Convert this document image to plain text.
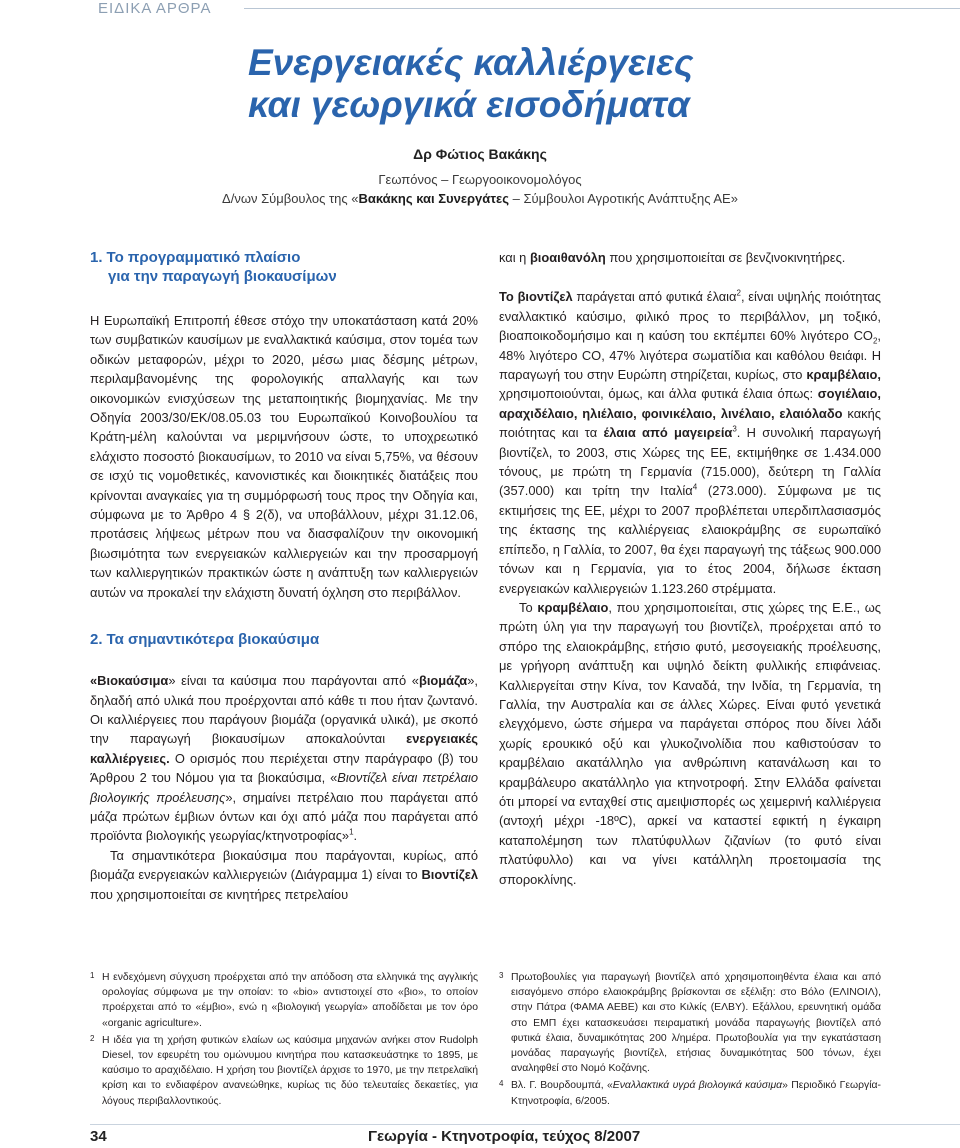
ΕΙΔΙΚΑ ΑΡΘΡΑ
Ενεργειακές καλλιέργειες
και γεωργικά εισοδήματα
Δρ Φώτιος Βακάκης
Γεωπόνος – Γεωργοοικονομολόγος
Δ/νων Σύμβουλος της «Βακάκης και Συνεργάτες – Σύμβουλοι Αγροτικής Ανάπτυξης ΑΕ»
1. Το προγραμματικό πλαίσιο
για την παραγωγή βιοκαυσίμων

Η Ευρωπαϊκή Επιτροπή έθεσε στόχο την υποκατάσταση κατά 20% των συμβατικών καυσίμων με εναλλακτικά καύσιμα, στον τομέα των οδικών μεταφορών, μέχρι το 2020, μέσω μιας δέσμης μέτρων, περιλαμβανομένης της φορολογικής απαλλαγής και των οικονομικών ενισχύσεων της μεταποιητικής βιομηχανίας. Με την Οδηγία 2003/30/ΕΚ/08.05.03 του Ευρωπαϊκού Κοινοβουλίου τα Κράτη-μέλη καλούνται να μεριμνήσουν ώστε, το υποχρεωτικό ελάχιστο ποσοστό βιοκαυσίμων, το 2010 να είναι 5,75%, να θέσουν σε ισχύ τις νομοθετικές, κανονιστικές και διοικητικές διατάξεις που κρίνονται αναγκαίες για τη συμμόρφωσή τους προς την Οδηγία και, σύμφωνα με το Άρθρο 4 § 2(δ), να υποβάλλουν, μέχρι 31.12.06, προτάσεις λήψεως μέτρων που να διασφαλίζουν την οικονομική βιωσιμότητα των ενεργειακών καλλιεργειών και την προσαρμογή των καλλιεργητικών πρακτικών ώστε η ανάπτυξη των καλλιεργειών αυτών να προκαλεί την ελάχιστη δυνατή όχληση στο περιβάλλον.

2. Τα σημαντικότερα βιοκαύσιμα

«Βιοκαύσιμα» είναι τα καύσιμα που παράγονται από «βιομάζα», δηλαδή από υλικά που προέρχονται από κάθε τι που ήταν ζωντανό. Οι καλλιέργειες που παράγουν βιομάζα (οργανικά υλικά), με σκοπό την παραγωγή βιοκαυσίμων αποκαλούνται ενεργειακές καλλιέργειες. Ο ορισμός που περιέχεται στην παράγραφο (β) του Άρθρου 2 του Νόμου για τα βιοκαύσιμα, «Βιοντίζελ είναι πετρέλαιο βιολογικής προέλευσης», σημαίνει πετρέλαιο που παράγεται από μάζα πρώτων έμβιων όντων και όχι από μάζα που παράγεται από προϊόντα βιολογικής γεωργίας/κτηνοτροφίας»$^1$.

Τα σημαντικότερα βιοκαύσιμα που παράγονται, κυρίως, από βιομάζα ενεργειακών καλλιεργειών (Διάγραμμα 1) είναι το Βιοντίζελ που χρησιμοποιείται σε κινητήρες πετρελαίου

και η βιοαιθανόλη που χρησιμοποιείται σε βενζινοκινητήρες.

Το βιοντίζελ παράγεται από φυτικά έλαια$^2$, είναι υψηλής ποιότητας εναλλακτικό καύσιμο, φιλικό προς το περιβάλλον, μη τοξικό, βιοαποικοδομήσιμο και η καύση του εκπέμπει 60% λιγότερο $CO_2$, 48% λιγότερο CO, 47% λιγότερα σωματίδια και καθόλου θειάφι. Η παραγωγή του στην Ευρώπη στηρίζεται, κυρίως, στο κραμβέλαιο, χρησιμοποιούνται, όμως, και άλλα φυτικά έλαια όπως: σογιέλαιο, αραχιδέλαιο, ηλιέλαιο, φοινικέλαιο, λινέλαιο, ελαιόλαδο κακής ποιότητας και τα έλαια από μαγειρεία$^3$. Η συνολική παραγωγή βιοντίζελ, το 2003, στις Χώρες της ΕΕ, εκτιμήθηκε σε 1.434.000 τόνους, με πρώτη τη Γερμανία (715.000), δεύτερη τη Γαλλία (357.000) και τρίτη την Ιταλία$^4$ (273.000). Σύμφωνα με τις εκτιμήσεις της ΕΕ, μέχρι το 2007 προβλέπεται υπερδιπλασιασμός της έκτασης της καλλιέργειας ελαιοκράμβης σε ευρωπαϊκό επίπεδο, η Γαλλία, το 2007, θα έχει παραγωγή της τάξεως 900.000 τόνων και η Γερμανία, για το έτος 2004, δήλωσε έκταση ενεργειακών καλλιεργειών 1.123.260 στρέμματα.

Το κραμβέλαιο, που χρησιμοποιείται, στις χώρες της Ε.Ε., ως πρώτη ύλη για την παραγωγή του βιοντίζελ, προέρχεται από το σπόρο της ελαιοκράμβης, ετήσιο φυτό, μεσογειακής προέλευσης, με γρήγορη ανάπτυξη και υψηλό δείκτη φυλλικής επιφάνειας. Καλλιεργείται στην Κίνα, τον Καναδά, την Ινδία, τη Γερμανία, τη Γαλλία, την Αυστραλία και σε άλλες Χώρες. Είναι φυτό γενετικά ελεγχόμενο, ώστε σήμερα να παράγεται σπόρος που δίνει λάδι χωρίς ερουκικό οξύ και γλυκοζινολίδια που καθιστούσαν το κραμβέλαιο ακατάλληλο για ανθρώπινη κατανάλωση και το κραμβάλευρο ακατάλληλο για κτηνοτροφή. Στην Ελλάδα φαίνεται ότι μπορεί να ενταχθεί στις αμειψισπορές ως χειμερινή καλλιέργεια (αντοχή μέχρι -18ºC), αρκεί να καταστεί εφικτή η έγκαιρη καταπολέμηση των πλατύφυλλων ζιζανίων (το φυτό είναι πλατύφυλλο) και να γίνει κατάλληλη προετοιμασία της σποροκλίνης.

1 Η ενδεχόμενη σύγχυση προέρχεται από την απόδοση στα ελληνικά της αγγλικής ορολογίας σύμφωνα με την οποίαν: το «bio» αντιστοιχεί στο «βιο», το οποίον προέρχεται από το «έμβιο», ενώ η «βιολογική γεωργία» αποδίδεται με τον όρο «organic agriculture».
2 Η ιδέα για τη χρήση φυτικών ελαίων ως καύσιμα μηχανών ανήκει στον Rudolph Diesel, τον εφευρέτη του ομώνυμου κινητήρα που κατασκευάστηκε το 1895, με καύσιμο το αραχιδέλαιο. Η χρήση του βιοντίζελ άρχισε το 1970, με την πετρελαϊκή κρίση και το ενδιαφέρον ανανεώθηκε, κυρίως τις δύο τελευταίες δεκαετίες, για λόγους περιβαλλοντικούς.
3 Πρωτοβουλίες για παραγωγή βιοντίζελ από χρησιμοποιηθέντα έλαια και από εισαγόμενο σπόρο ελαιοκράμβης βρίσκονται σε εξέλιξη: στο Βόλο (ΕΛΙΝΟΙΛ), στην Πάτρα (ΦΑΜΑ ΑΕΒΕ) και στο Κιλκίς (ΕΛΒΥ). Εξάλλου, ερευνητική ομάδα στο ΕΜΠ έχει κατασκευάσει πειραματική μονάδα παραγωγής βιοντίζελ από φυτικά έλαια, δυναμικότητας 200 λ/ημέρα. Πρωτοβουλία για την εγκατάσταση μονάδας παραγωγής βιοντίζελ, ετήσιας δυναμικότητας 500 τόνων, έχει αναληφθεί στο Νομό Κοζάνης.
4 Βλ. Γ. Βουρδουμπά, «Εναλλακτικά υγρά βιολογικά καύσιμα» Περιοδικό Γεωργία-Κτηνοτροφία, 6/2005.
34	Γεωργία - Κτηνοτροφία, τεύχος 8/2007
